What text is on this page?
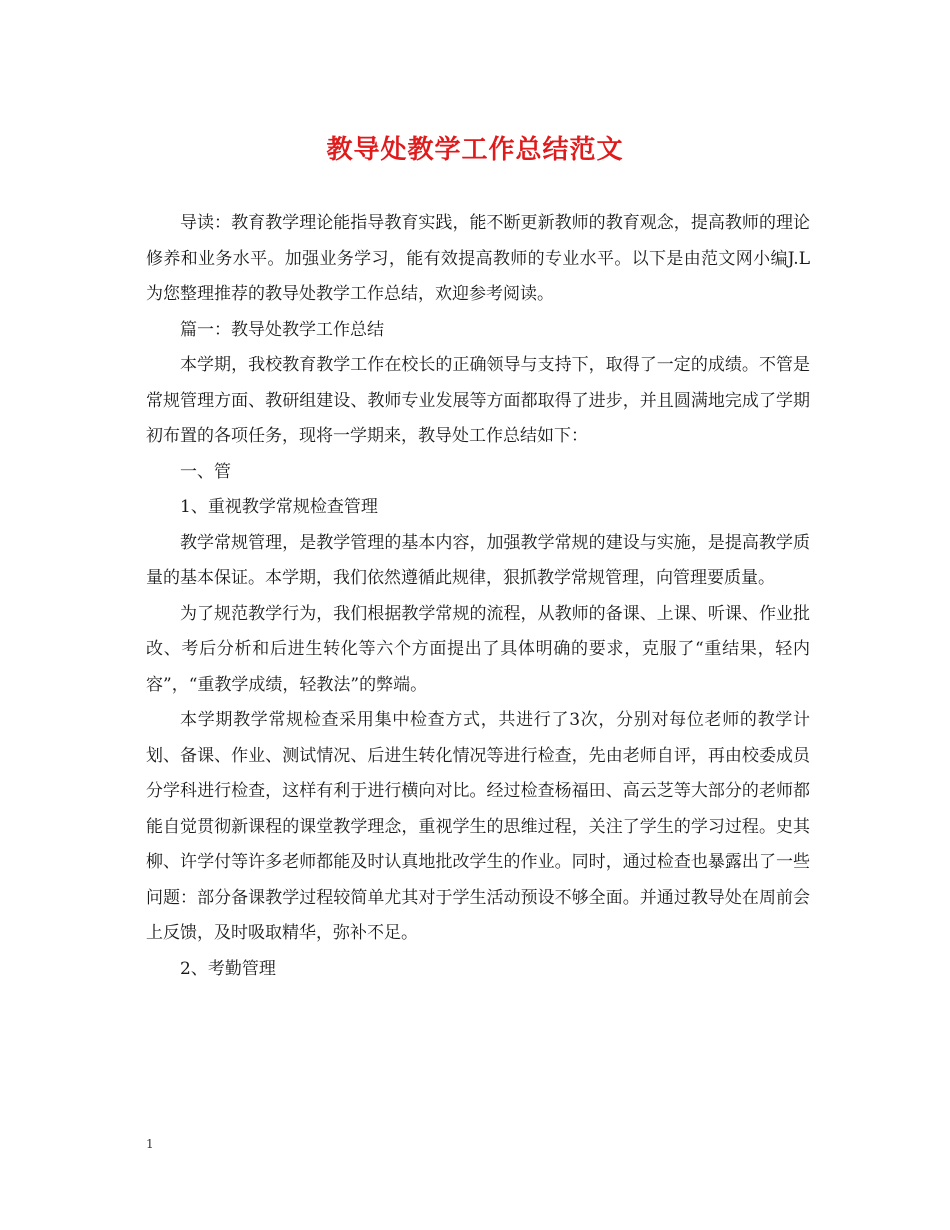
教导处教学工作总结范文

导读：教育教学理论能指导教育实践，能不断更新教师的教育观念，提高教师的理论修养和业务水平。加强业务学习，能有效提高教师的专业水平。以下是由范文网小编J.L为您整理推荐的教导处教学工作总结，欢迎参考阅读。

篇一：教导处教学工作总结

本学期，我校教育教学工作在校长的正确领导与支持下，取得了一定的成绩。不管是常规管理方面、教研组建设、教师专业发展等方面都取得了进步，并且圆满地完成了学期初布置的各项任务，现将一学期来，教导处工作总结如下：

一、管

1、重视教学常规检查管理

教学常规管理，是教学管理的基本内容，加强教学常规的建设与实施，是提高教学质量的基本保证。本学期，我们依然遵循此规律，狠抓教学常规管理，向管理要质量。

为了规范教学行为，我们根据教学常规的流程，从教师的备课、上课、听课、作业批改、考后分析和后进生转化等六个方面提出了具体明确的要求，克服了“重结果，轻内容”，“重教学成绩，轻教法”的弊端。

本学期教学常规检查采用集中检查方式，共进行了3次，分别对每位老师的教学计划、备课、作业、测试情况、后进生转化情况等进行检查，先由老师自评，再由校委成员分学科进行检查，这样有利于进行横向对比。经过检查杨福田、高云芝等大部分的老师都能自觉贯彻新课程的课堂教学理念，重视学生的思维过程，关注了学生的学习过程。史其柳、许学付等许多老师都能及时认真地批改学生的作业。同时，通过检查也暴露出了一些问题：部分备课教学过程较简单尤其对于学生活动预设不够全面。并通过教导处在周前会上反馈，及时吸取精华，弥补不足。

2、考勤管理

1
